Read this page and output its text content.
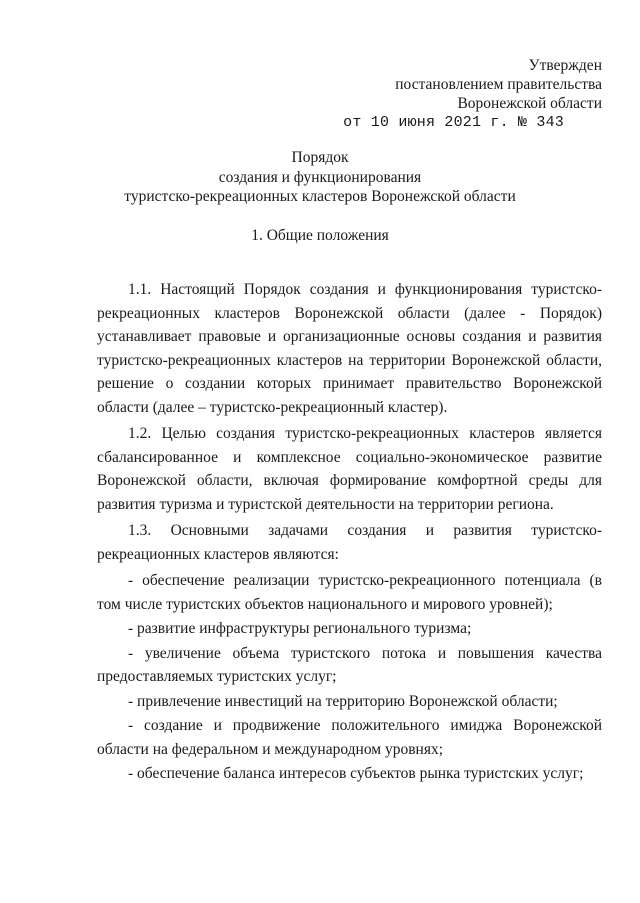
Утвержден
постановлением правительства
Воронежской области
от 10 июня 2021 г. № 343
Порядок
создания и функционирования
туристско-рекреационных кластеров Воронежской области
1. Общие положения

1.1. Настоящий Порядок создания и функционирования туристско-рекреационных кластеров Воронежской области (далее - Порядок) устанавливает правовые и организационные основы создания и развития туристско-рекреационных кластеров на территории Воронежской области, решение о создании которых принимает правительство Воронежской области (далее – туристско-рекреационный кластер).

1.2. Целью создания туристско-рекреационных кластеров является сбалансированное и комплексное социально-экономическое развитие Воронежской области, включая формирование комфортной среды для развития туризма и туристской деятельности на территории региона.

1.3. Основными задачами создания и развития туристско-рекреационных кластеров являются:

- обеспечение реализации туристско-рекреационного потенциала (в том числе туристских объектов национального и мирового уровней);

- развитие инфраструктуры регионального туризма;

- увеличение объема туристского потока и повышения качества предоставляемых туристских услуг;

- привлечение инвестиций на территорию Воронежской области;

- создание и продвижение положительного имиджа Воронежской области на федеральном и международном уровнях;

- обеспечение баланса интересов субъектов рынка туристских услуг;
